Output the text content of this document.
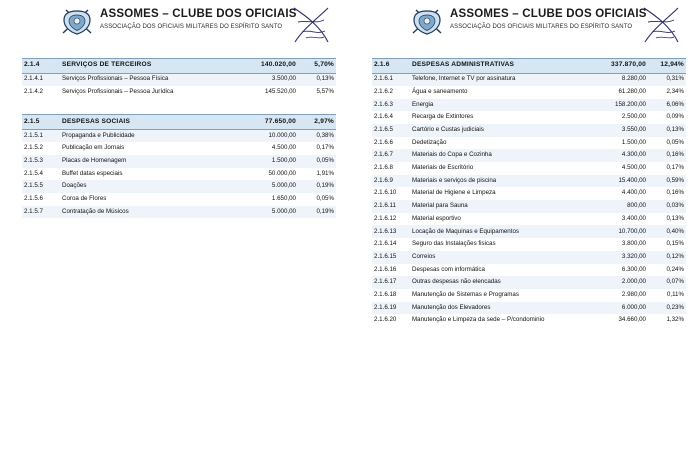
ASSOMES – CLUBE DOS OFICIAIS
ASSOCIAÇÃO DOS OFICIAIS MILITARES DO ESPÍRITO SANTO
2.1.4	SERVIÇOS DE TERCEIROS	140.020,00	5,70%
2.1.4.1	Serviços Profissionais – Pessoa Física	3.500,00	0,13%
2.1.4.2	Serviços Profissionais – Pessoa Jurídica	145.520,00	5,57%

2.1.5	DESPESAS SOCIAIS	77.650,00	2,97%
2.1.5.1	Propaganda e Publicidade	10.000,00	0,38%
2.1.5.2	Publicação em Jornais	4.500,00	0,17%
2.1.5.3	Placas de Homenagem	1.500,00	0,05%
2.1.5.4	Buffet datas especiais	50.000,00	1,91%
2.1.5.5	Doações	5.000,00	0,19%
2.1.5.6	Coroa de Flores	1.650,00	0,05%
2.1.5.7	Contratação de Músicos	5.000,00	0,19%
ASSOMES – CLUBE DOS OFICIAIS
ASSOCIAÇÃO DOS OFICIAIS MILITARES DO ESPÍRITO SANTO
2.1.6	DESPESAS ADMINISTRATIVAS	337.870,00	12,94%
2.1.6.1	Telefone, Internet e TV por assinatura	8.280,00	0,31%
2.1.6.2	Água e saneamento	61.280,00	2,34%
2.1.6.3	Energia	158.200,00	6,06%
2.1.6.4	Recarga de Extintores	2.500,00	0,09%
2.1.6.5	Cartório e Custas judiciais	3.550,00	0,13%
2.1.6.6	Dedetização	1.500,00	0,05%
2.1.6.7	Materiais do Copa e Cozinha	4.300,00	0,16%
2.1.6.8	Materiais de Escritório	4.500,00	0,17%
2.1.6.9	Materiais e serviços de piscina	15.400,00	0,59%
2.1.6.10	Material de Higiene e Limpeza	4.400,00	0,16%
2.1.6.11	Material para Sauna	800,00	0,03%
2.1.6.12	Material esportivo	3.400,00	0,13%
2.1.6.13	Locação de Maquinas e Equipamentos	10.700,00	0,40%
2.1.6.14	Seguro das Instalações fisicas	3.800,00	0,15%
2.1.6.15	Correios	3.320,00	0,12%
2.1.6.16	Despesas com informática	6.300,00	0,24%
2.1.6.17	Outras despesas não elencadas	2.000,00	0,07%
2.1.6.18	Manutenção de Sistemas e Programas	2.980,00	0,11%
2.1.6.19	Manutenção dos Elevadores	6.000,00	0,23%
2.1.6.20	Manutenção e Limpeza da sede – P/condominio	34.660,00	1,32%
